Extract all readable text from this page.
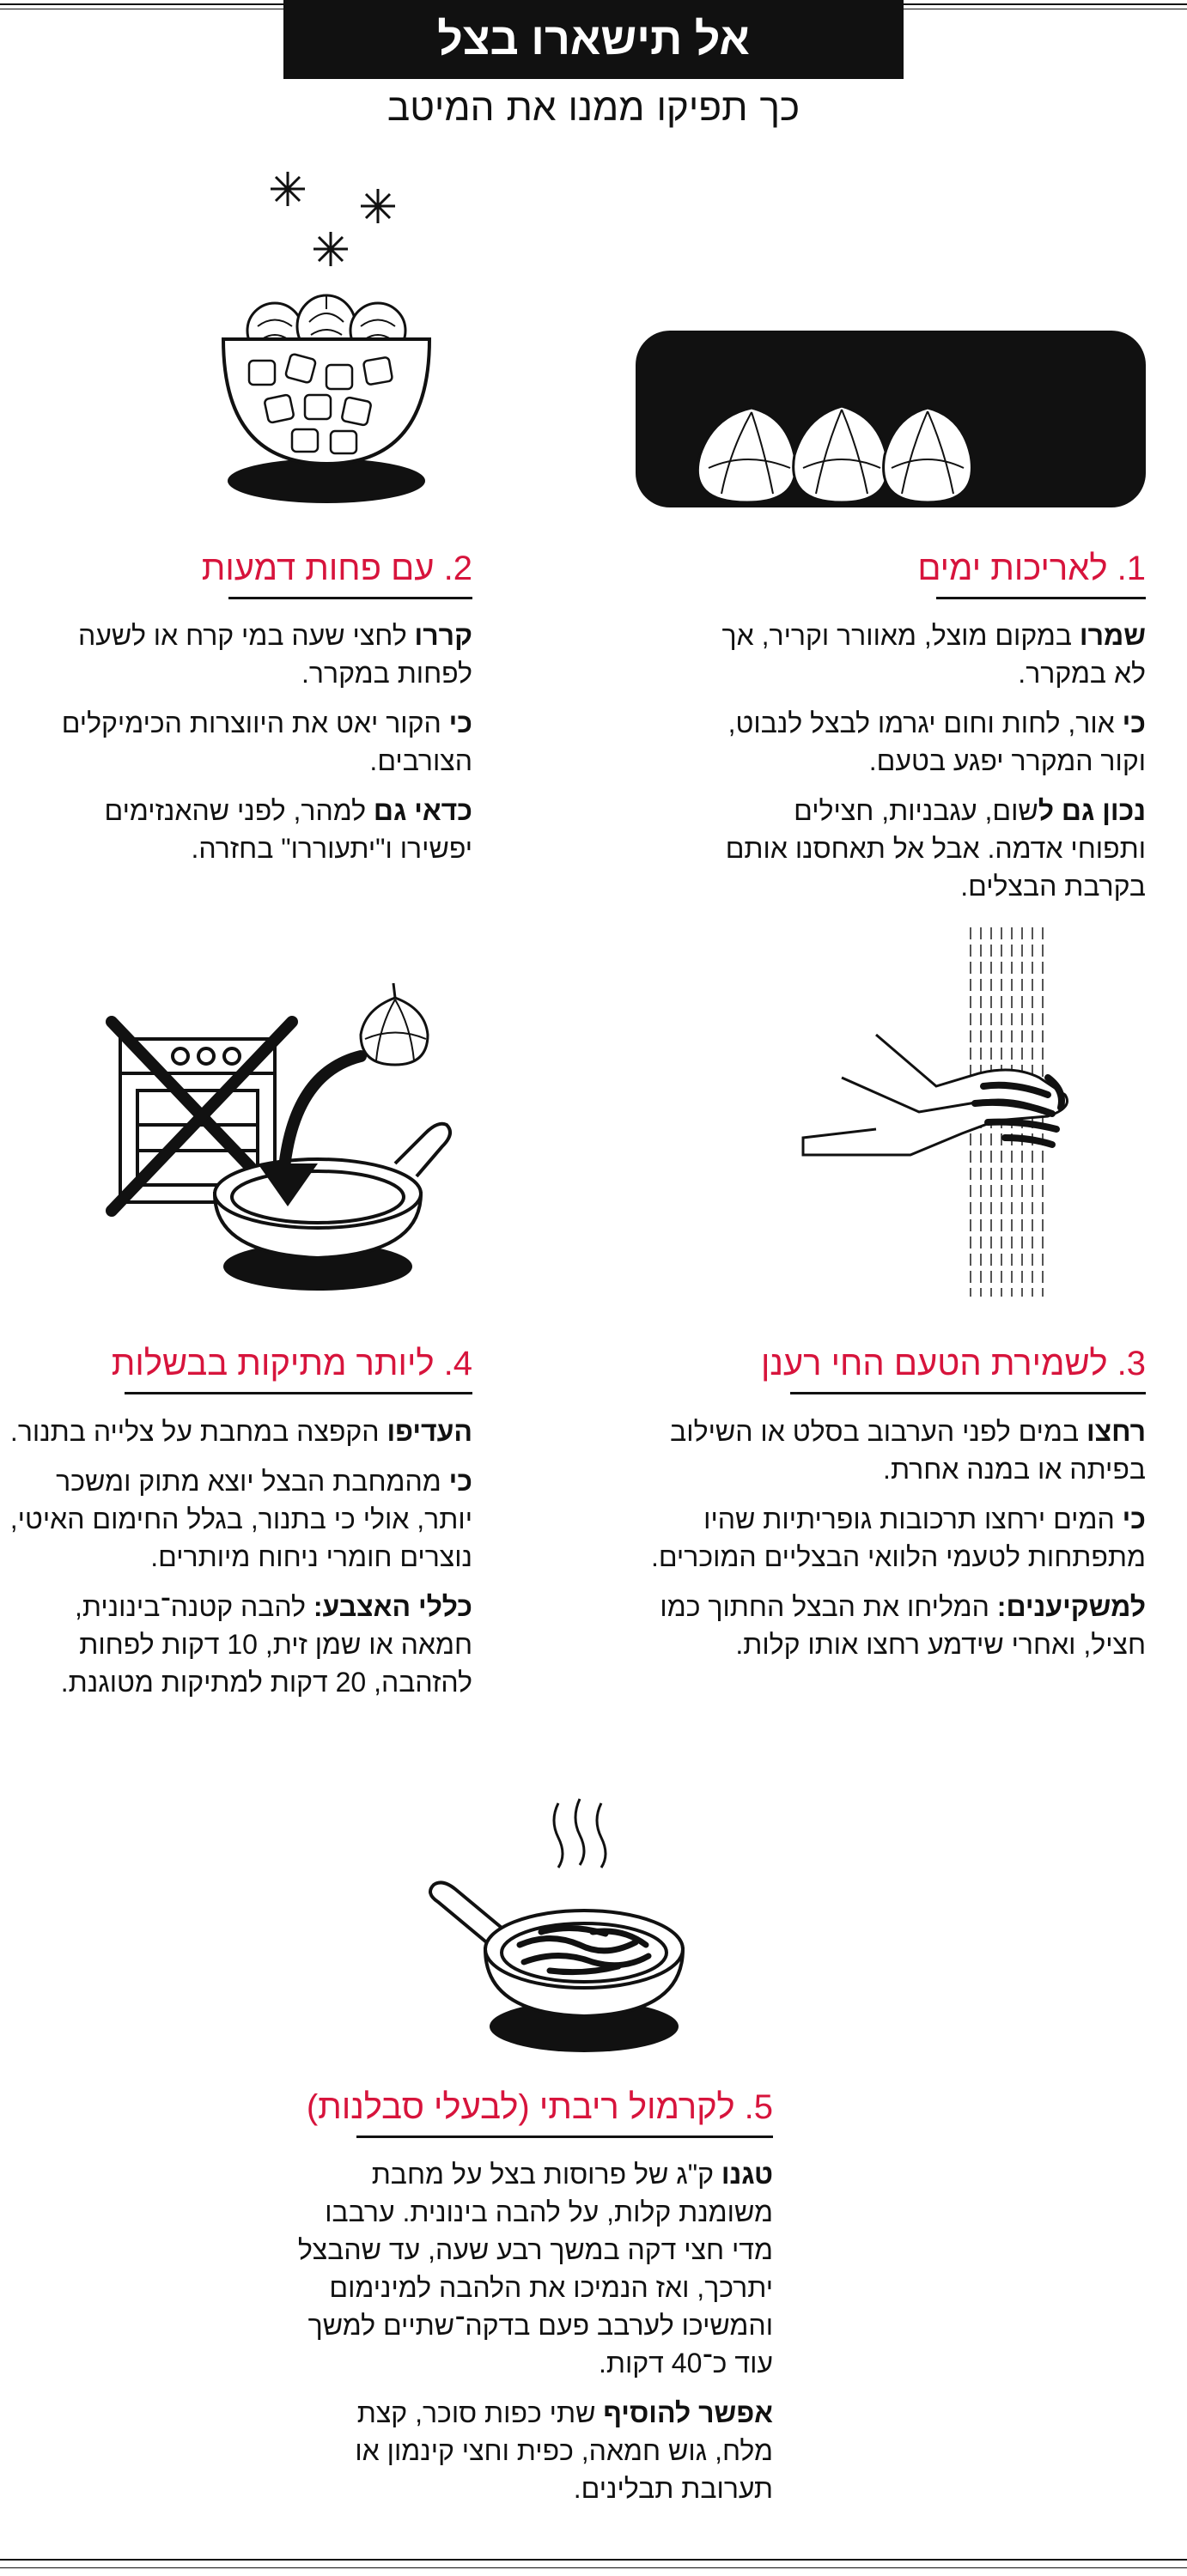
אל תישארו בצל
כך תפיקו ממנו את המיטב
1. לאריכות ימים

שמרו במקום מוצל, מאוורר וקריר, אך לא במקרר.

כי אור, לחות וחום יגרמו לבצל לנבוט, וקור המקרר יפגע בטעם.

נכון גם לשום, עגבניות, חצילים ותפוחי אדמה. אבל אל תאחסנו אותם בקרבת הבצלים.

2. עם פחות דמעות

קררו לחצי שעה במי קרח או לשעה לפחות במקרר.

כי הקור יאט את היווצרות הכימיקלים הצורבים.

כדאי גם למהר, לפני שהאנזימים יפשירו ו"יתעוררו" בחזרה.

3. לשמירת הטעם החי רענן

רחצו במים לפני הערבוב בסלט או השילוב בפיתה או במנה אחרת.

כי המים ירחצו תרכובות גופריתיות שהיו מתפתחות לטעמי הלוואי הבצליים המוכרים.

למשקיענים: המליחו את הבצל החתוך כמו חציל, ואחרי שידמע רחצו אותו קלות.

4. ליותר מתיקות בבשלות

העדיפו הקפצה במחבת על צלייה בתנור.

כי מהמחבת הבצל יוצא מתוק ומשכר יותר, אולי כי בתנור, בגלל החימום האיטי, נוצרים חומרי ניחוח מיותרים.

כללי האצבע: להבה קטנה־בינונית, חמאה או שמן זית, 10 דקות לפחות להזהבה, 20 דקות למתיקות מטוגנת.

5. לקרמול ריבתי (לבעלי סבלנות)

טגנו ק"ג של פרוסות בצל על מחבת משומנת קלות, על להבה בינונית. ערבבו מדי חצי דקה במשך רבע שעה, עד שהבצל יתרכך, ואז הנמיכו את הלהבה למינימום והמשיכו לערבב פעם בדקה־שתיים למשך עוד כ־40 דקות.

אפשר להוסיף שתי כפות סוכר, קצת מלח, גוש חמאה, כפית וחצי קינמון או תערובת תבלינים.
